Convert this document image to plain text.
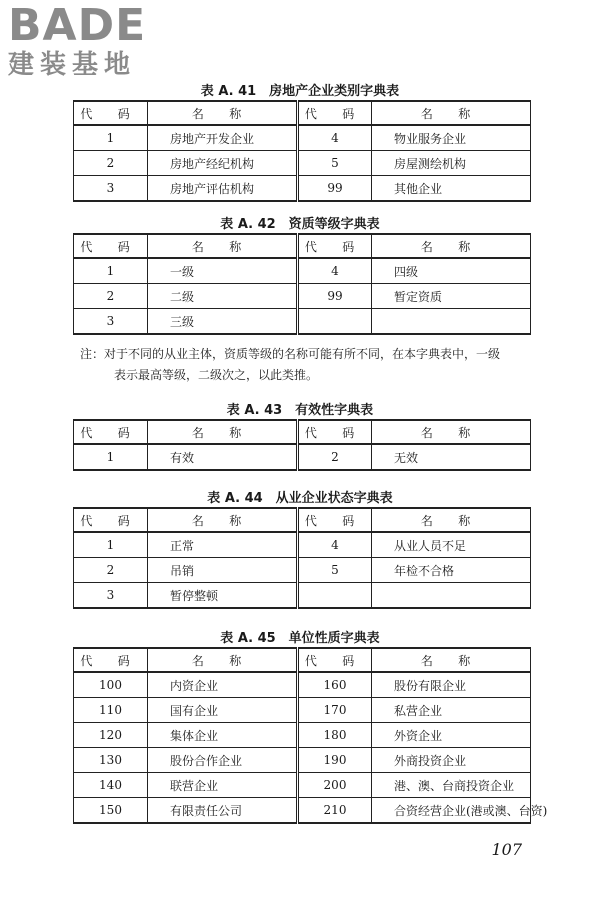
BADE
建装基地
表 A. 41　房地产企业类别字典表
代 码	名 称	代 码	名 称
1	房地产开发企业	4	物业服务企业
2	房地产经纪机构	5	房屋测绘机构
3	房地产评估机构	99	其他企业
表 A. 42　资质等级字典表
代 码	名 称	代 码	名 称
1	一级	4	四级
2	二级	99	暂定资质
3	三级		
表 A. 43　有效性字典表
代 码	名 称	代 码	名 称
1	有效	2	无效
表 A. 44　从业企业状态字典表
代 码	名 称	代 码	名 称
1	正常	4	从业人员不足
2	吊销	5	年检不合格
3	暂停整顿		
表 A. 45　单位性质字典表
代 码	名 称	代 码	名 称
100	内资企业	160	股份有限企业
110	国有企业	170	私营企业
120	集体企业	180	外资企业
130	股份合作企业	190	外商投资企业
140	联营企业	200	港、澳、台商投资企业
150	有限责任公司	210	合资经营企业(港或澳、台资)
注：对于不同的从业主体，资质等级的名称可能有所不同，在本字典表中，一级
表示最高等级，二级次之，以此类推。
107
